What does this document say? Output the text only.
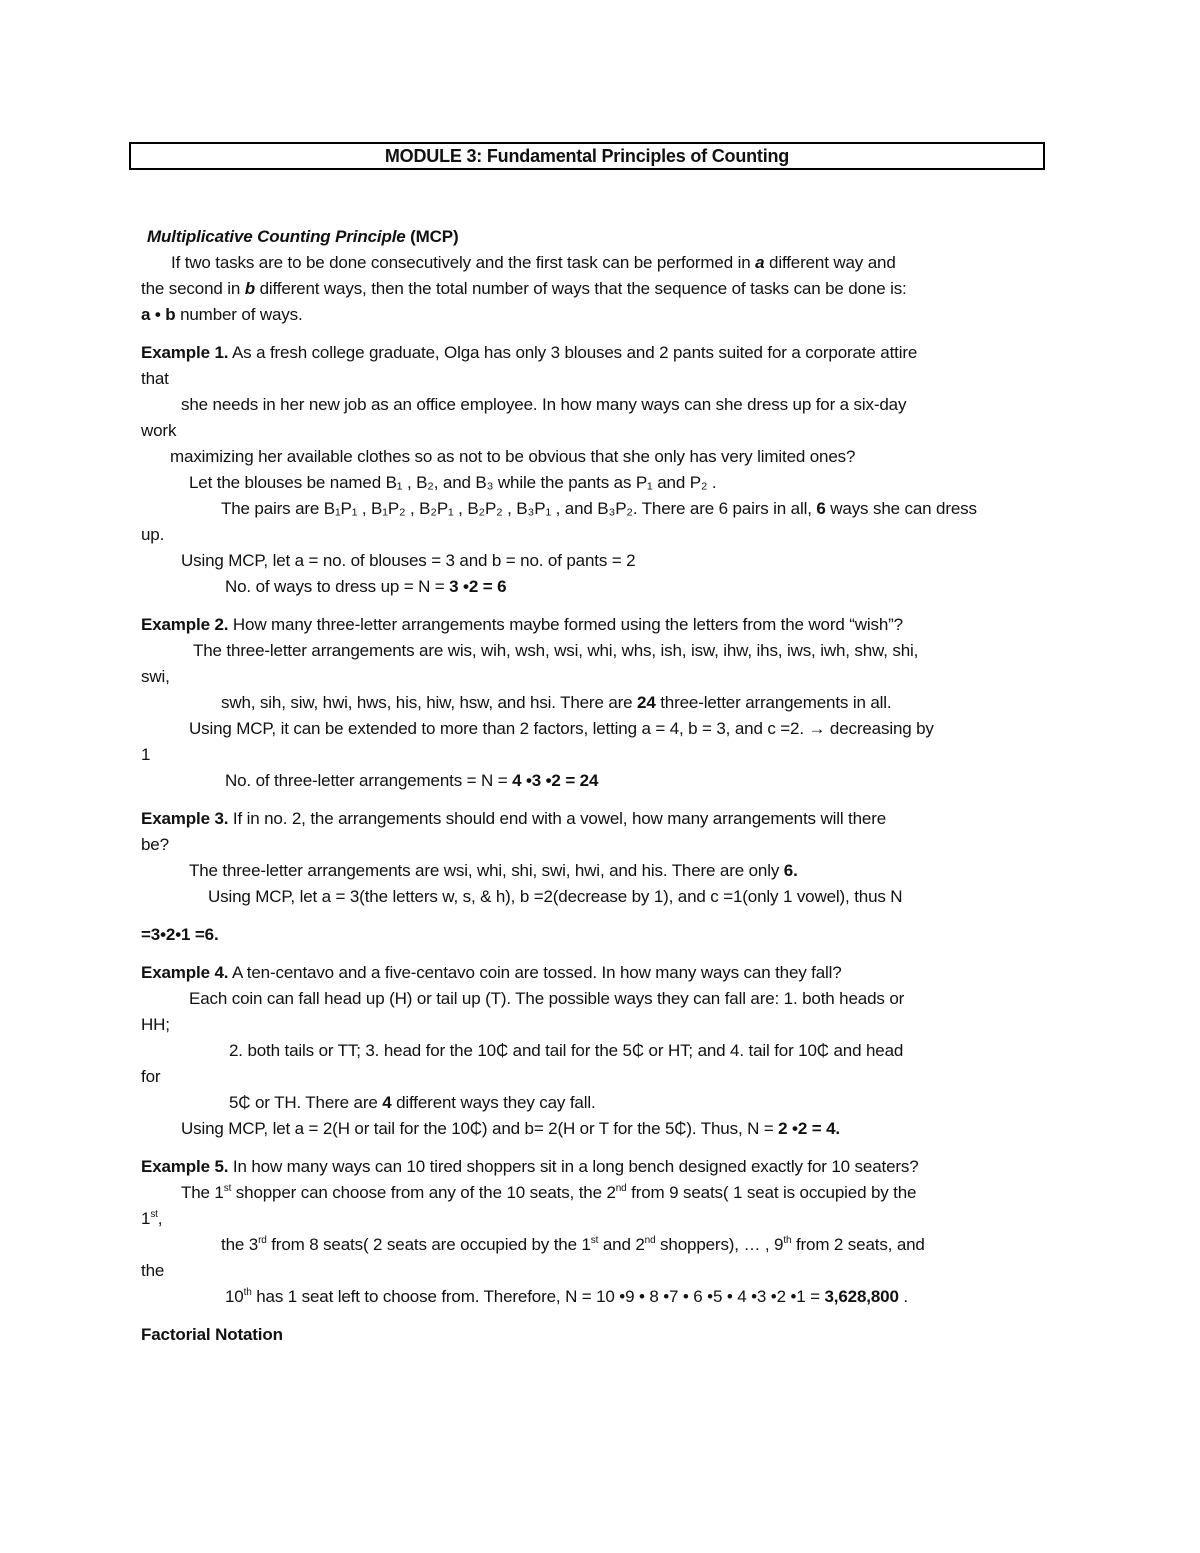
MODULE 3: Fundamental Principles of Counting

Multiplicative Counting Principle (MCP)

If two tasks are to be done consecutively and the first task can be performed in a different way and

the second in b different ways, then the total number of ways that the sequence of tasks can be done is:

a • b number of ways.

Example 1. As a fresh college graduate, Olga has only 3 blouses and 2 pants suited for a corporate attire

that

she needs in her new job as an office employee. In how many ways can she dress up for a six-day

work

maximizing her available clothes so as not to be obvious that she only has very limited ones?

Let the blouses be named B₁ , B₂, and B₃ while the pants as P₁ and P₂ .

The pairs are B₁P₁ , B₁P₂ , B₂P₁ , B₂P₂ , B₃P₁ , and B₃P₂. There are 6 pairs in all, 6 ways she can dress

up.

Using MCP, let a = no. of blouses = 3 and b = no. of pants = 2

No. of ways to dress up = N = 3 •2 = 6

Example 2. How many three-letter arrangements maybe formed using the letters from the word “wish”?

The three-letter arrangements are wis, wih, wsh, wsi, whi, whs, ish, isw, ihw, ihs, iws, iwh, shw, shi,

swi,

swh, sih, siw, hwi, hws, his, hiw, hsw, and hsi. There are 24 three-letter arrangements in all.

Using MCP, it can be extended to more than 2 factors, letting a = 4, b = 3, and c =2. → decreasing by

1

No. of three-letter arrangements = N = 4 •3 •2 = 24

Example 3. If in no. 2, the arrangements should end with a vowel, how many arrangements will there

be?

The three-letter arrangements are wsi, whi, shi, swi, hwi, and his. There are only 6.

Using MCP, let a = 3(the letters w, s, & h), b =2(decrease by 1), and c =1(only 1 vowel), thus N

=3•2•1 =6.

Example 4. A ten-centavo and a five-centavo coin are tossed. In how many ways can they fall?

Each coin can fall head up (H) or tail up (T). The possible ways they can fall are: 1. both heads or

HH;

2. both tails or TT; 3. head for the 10₵ and tail for the 5₵ or HT; and 4. tail for 10₵ and head

for

5₵ or TH. There are 4 different ways they cay fall.

Using MCP, let a = 2(H or tail for the 10₵) and b= 2(H or T for the 5₵). Thus, N = 2 •2 = 4.

Example 5. In how many ways can 10 tired shoppers sit in a long bench designed exactly for 10 seaters?

The 1st shopper can choose from any of the 10 seats, the 2nd from 9 seats( 1 seat is occupied by the

1st,

the 3rd from 8 seats( 2 seats are occupied by the 1st and 2nd shoppers), … , 9th from 2 seats, and

the

10th has 1 seat left to choose from. Therefore, N = 10 •9 • 8 •7 • 6 •5 • 4 •3 •2 •1 = 3,628,800 .

Factorial Notation
